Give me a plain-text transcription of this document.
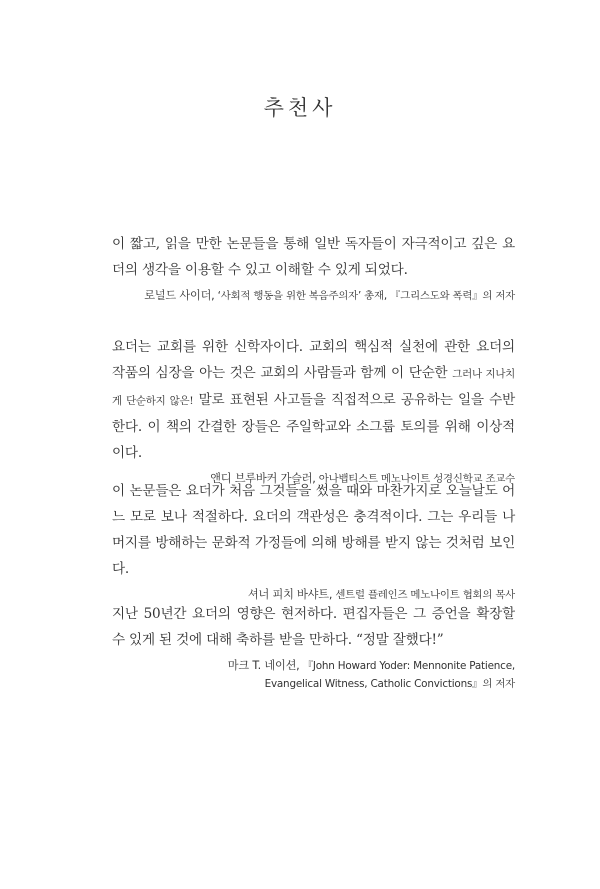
추천사

이 짧고, 읽을 만한 논문들을 통해 일반 독자들이 자극적이고 깊은 요더의 생각을 이용할 수 있고 이해할 수 있게 되었다.

로널드 사이더, ‘사회적 행동을 위한 복음주의자’ 총재, 『그리스도와 폭력』의 저자

요더는 교회를 위한 신학자이다. 교회의 핵심적 실천에 관한 요더의 작품의 심장을 아는 것은 교회의 사람들과 함께 이 단순한 그러나 지나치게 단순하지 않은! 말로 표현된 사고들을 직접적으로 공유하는 일을 수반한다. 이 책의 간결한 장들은 주일학교와 소그룹 토의를 위해 이상적이다.

앤디 브루바커 가슬러, 아나뱁티스트 메노나이트 성경신학교 조교수

이 논문들은 요더가 처음 그것들을 썼을 때와 마찬가지로 오늘날도 어느 모로 보나 적절하다. 요더의 객관성은 충격적이다. 그는 우리들 나머지를 방해하는 문화적 가정들에 의해 방해를 받지 않는 것처럼 보인다.

셔너 피치 바샤트, 센트럴 플레인즈 메노나이트 협회의 목사

지난 50년간 요더의 영향은 현저하다. 편집자들은 그 증언을 확장할 수 있게 된 것에 대해 축하를 받을 만하다. “정말 잘했다!”

마크 T. 네이션, 『John Howard Yoder: Mennonite Patience,
Evangelical Witness, Catholic Convictions』의 저자
